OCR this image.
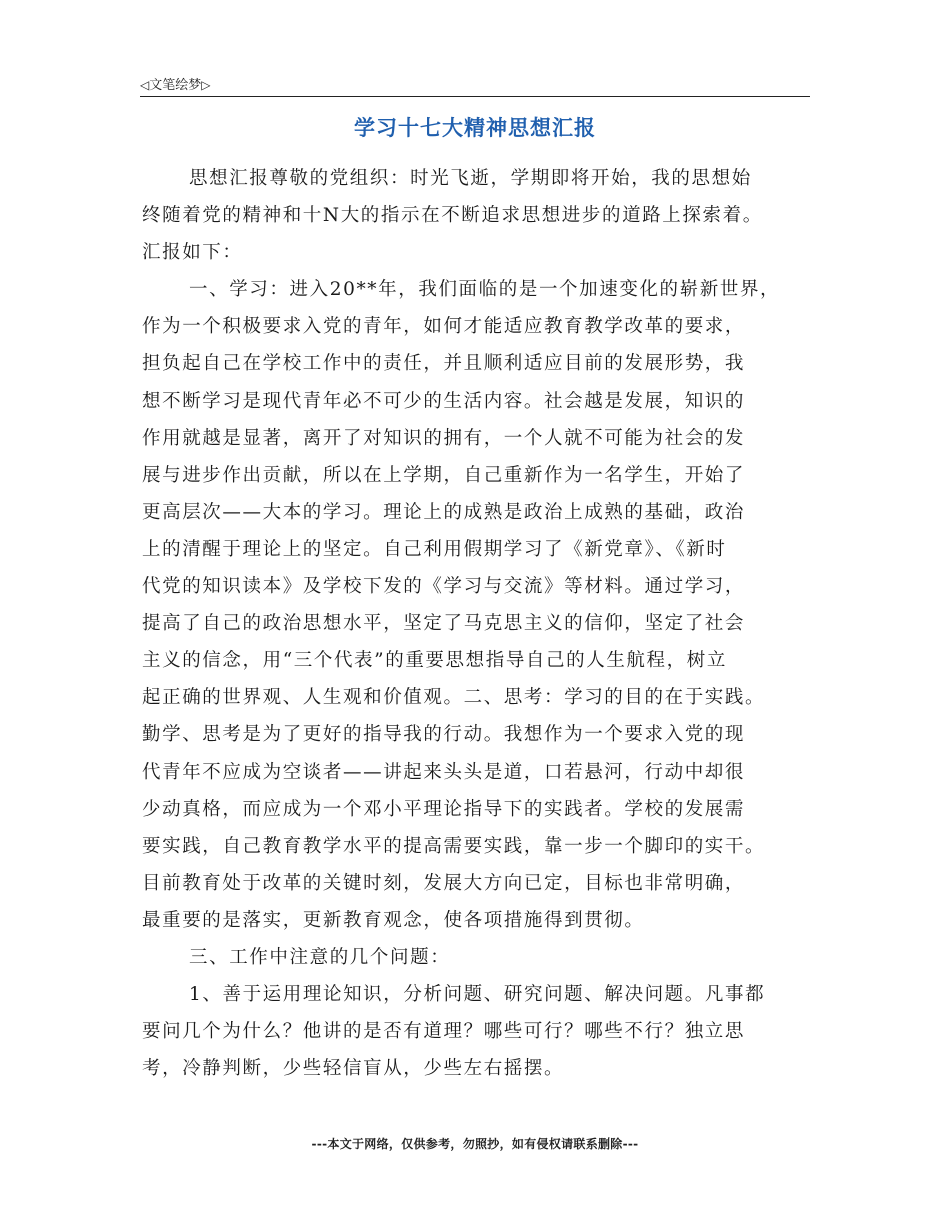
◁文笔绘梦▷
学习十七大精神思想汇报
思想汇报尊敬的党组织：时光飞逝，学期即将开始，我的思想始
终随着党的精神和十N大的指示在不断追求思想进步的道路上探索着。
汇报如下：
一、学习：进入20**年，我们面临的是一个加速变化的崭新世界，
作为一个积极要求入党的青年，如何才能适应教育教学改革的要求，
担负起自己在学校工作中的责任，并且顺利适应目前的发展形势，我
想不断学习是现代青年必不可少的生活内容。社会越是发展，知识的
作用就越是显著，离开了对知识的拥有，一个人就不可能为社会的发
展与进步作出贡献，所以在上学期，自己重新作为一名学生，开始了
更高层次——大本的学习。理论上的成熟是政治上成熟的基础，政治
上的清醒于理论上的坚定。自己利用假期学习了《新党章》、《新时
代党的知识读本》及学校下发的《学习与交流》等材料。通过学习，
提高了自己的政治思想水平，坚定了马克思主义的信仰，坚定了社会
主义的信念，用“三个代表”的重要思想指导自己的人生航程，树立
起正确的世界观、人生观和价值观。二、思考：学习的目的在于实践。
勤学、思考是为了更好的指导我的行动。我想作为一个要求入党的现
代青年不应成为空谈者——讲起来头头是道，口若悬河，行动中却很
少动真格，而应成为一个邓小平理论指导下的实践者。学校的发展需
要实践，自己教育教学水平的提高需要实践，靠一步一个脚印的实干。
目前教育处于改革的关键时刻，发展大方向已定，目标也非常明确，
最重要的是落实，更新教育观念，使各项措施得到贯彻。
三、工作中注意的几个问题：
1、善于运用理论知识，分析问题、研究问题、解决问题。凡事都
要问几个为什么？他讲的是否有道理？哪些可行？哪些不行？独立思
考，冷静判断，少些轻信盲从，少些左右摇摆。
---本文于网络，仅供参考，勿照抄，如有侵权请联系删除---
